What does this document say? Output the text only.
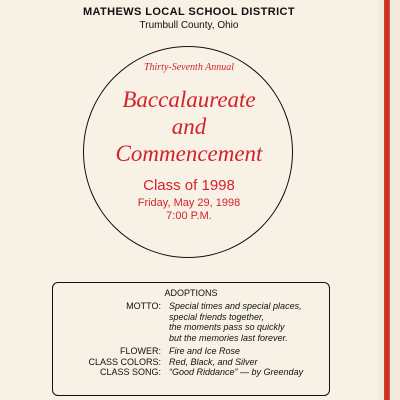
MATHEWS LOCAL SCHOOL DISTRICT
Trumbull County, Ohio
Thirty-Seventh Annual
Baccalaureate
and
Commencement
Class of 1998
Friday, May 29, 1998
7:00 P.M.
ADOPTIONS
MOTTO: Special times and special places,
special friends together,
the moments pass so quickly
but the memories last forever.
FLOWER: Fire and Ice Rose
CLASS COLORS: Red, Black, and Silver
CLASS SONG: “Good Riddance” — by Greenday
